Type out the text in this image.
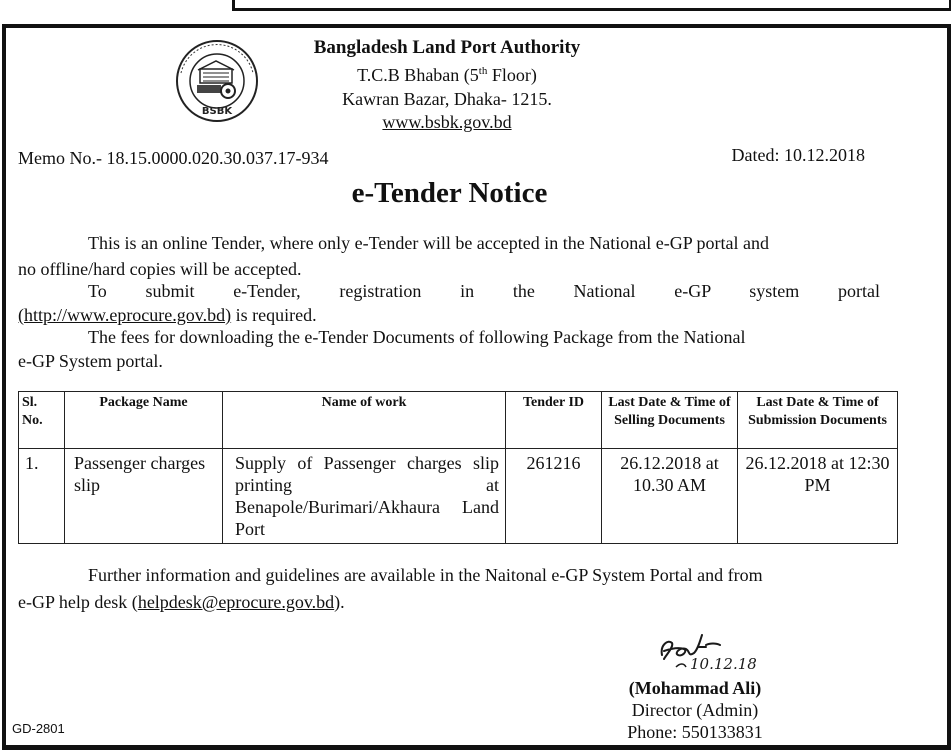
BSBK
Bangladesh Land Port Authority
T.C.B Bhaban (5th Floor)
Kawran Bazar, Dhaka- 1215.
www.bsbk.gov.bd
Memo No.- 18.15.0000.020.30.037.17-934	Dated: 10.12.2018
e-Tender Notice
This is an online Tender, where only e-Tender will be accepted in the National e-GP portal and
no offline/hard copies will be accepted.
To submit e-Tender, registration in the National e-GP system portal
(http://www.eprocure.gov.bd) is required.
The fees for downloading the e-Tender Documents of following Package from the National
e-GP System portal.
Sl. No.	Package Name	Name of work	Tender ID	Last Date & Time of Selling Documents	Last Date & Time of Submission Documents
1.	Passenger charges slip	Supply of Passenger charges slip printing at Benapole/Burimari/Akhaura Land Port	261216	26.12.2018 at 10.30 AM	26.12.2018 at 12:30 PM
Further information and guidelines are available in the Naitonal e-GP System Portal and from
e-GP help desk (helpdesk@eprocure.gov.bd).
10.12.18
(Mohammad Ali)
Director (Admin)
Phone: 550133831
GD-2801
